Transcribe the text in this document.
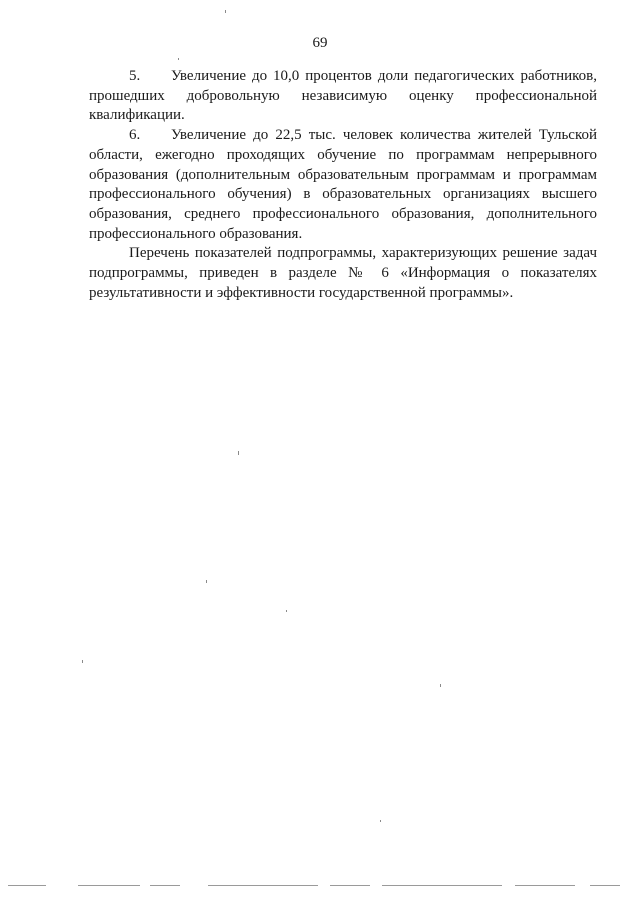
69

5. Увеличение до 10,0 процентов доли педагогических работников, прошедших добровольную независимую оценку профессиональной квалификации.

6. Увеличение до 22,5 тыс. человек количества жителей Тульской области, ежегодно проходящих обучение по программам непрерывного образования (дополнительным образовательным программам и программам профессионального обучения) в образовательных организациях высшего образования, среднего профессионального образования, дополнительного профессионального образования.

Перечень показателей подпрограммы, характеризующих решение задач подпрограммы, приведен в разделе № 6 «Информация о показателях результативности и эффективности государственной программы».
